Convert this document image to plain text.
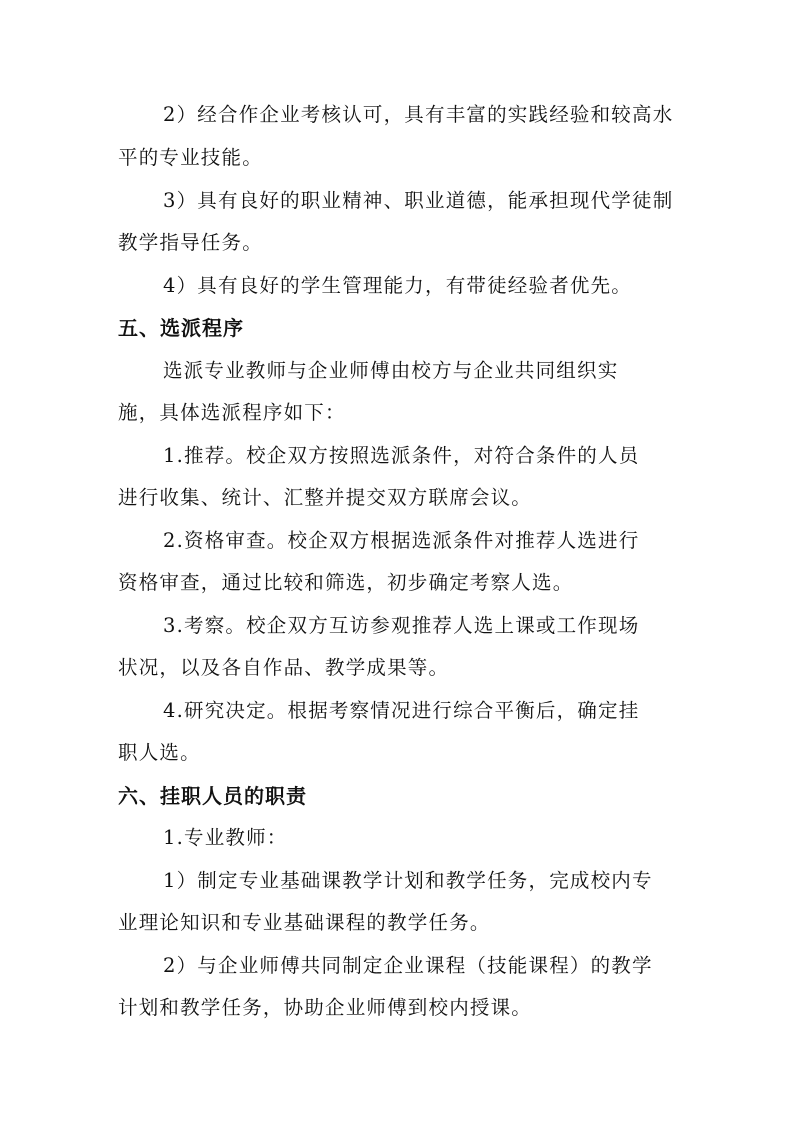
2）经合作企业考核认可，具有丰富的实践经验和较高水
平的专业技能。
3）具有良好的职业精神、职业道德，能承担现代学徒制
教学指导任务。
4）具有良好的学生管理能力，有带徒经验者优先。
五、选派程序
选派专业教师与企业师傅由校方与企业共同组织实
施，具体选派程序如下：
1.推荐。校企双方按照选派条件，对符合条件的人员
进行收集、统计、汇整并提交双方联席会议。
2.资格审查。校企双方根据选派条件对推荐人选进行
资格审查，通过比较和筛选，初步确定考察人选。
3.考察。校企双方互访参观推荐人选上课或工作现场
状况，以及各自作品、教学成果等。
4.研究决定。根据考察情况进行综合平衡后，确定挂
职人选。
六、挂职人员的职责
1.专业教师：
1）制定专业基础课教学计划和教学任务，完成校内专
业理论知识和专业基础课程的教学任务。
2）与企业师傅共同制定企业课程（技能课程）的教学
计划和教学任务，协助企业师傅到校内授课。
